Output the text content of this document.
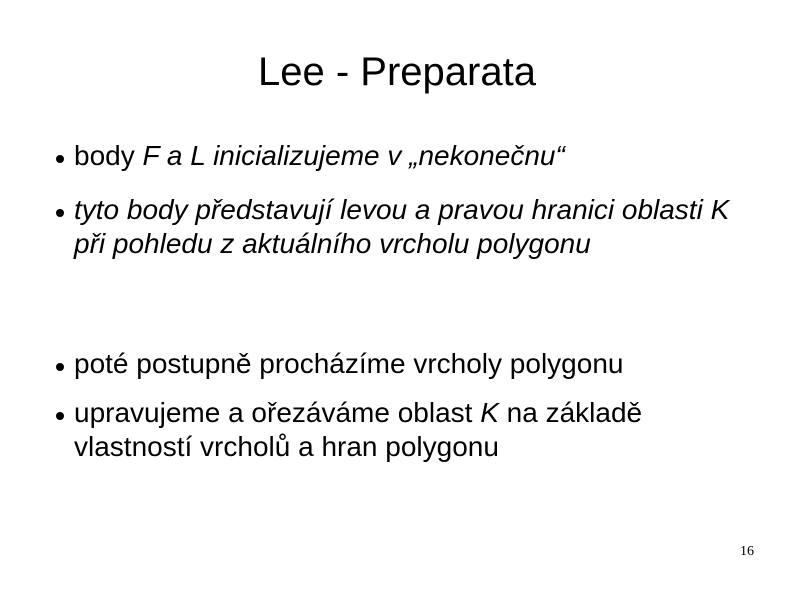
Lee - Preparata
body F a L inicializujeme v „nekonečnu“
tyto body představují levou a pravou hranici oblasti K při pohledu z aktuálního vrcholu polygonu
poté postupně procházíme vrcholy polygonu
upravujeme a ořezáváme oblast K na základě vlastností vrcholů a hran polygonu
16
